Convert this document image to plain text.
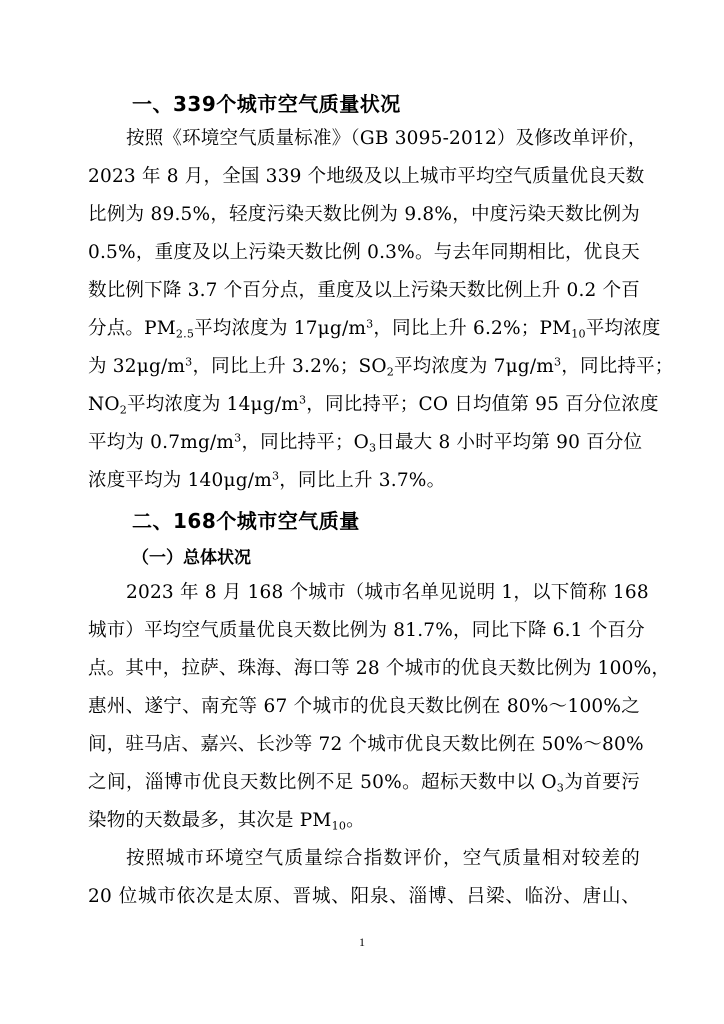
一、339个城市空气质量状况
按照《环境空气质量标准》（GB 3095-2012）及修改单评价，
2023 年 8 月，全国 339 个地级及以上城市平均空气质量优良天数
比例为 89.5%，轻度污染天数比例为 9.8%，中度污染天数比例为
0.5%，重度及以上污染天数比例 0.3%。与去年同期相比，优良天
数比例下降 3.7 个百分点，重度及以上污染天数比例上升 0.2 个百
分点。$PM_{2.5}$平均浓度为 $17\mu g/m^3$，同比上升 6.2%；$PM_{10}$平均浓度
为 $32\mu g/m^3$，同比上升 3.2%；$SO_2$平均浓度为 $7\mu g/m^3$，同比持平；
$NO_2$平均浓度为 $14\mu g/m^3$，同比持平；CO 日均值第 95 百分位浓度
平均为 $0.7mg/m^3$，同比持平；$O_3$日最大 8 小时平均第 90 百分位
浓度平均为 $140\mu g/m^3$，同比上升 3.7%。
二、168个城市空气质量
（一）总体状况
2023 年 8 月 168 个城市（城市名单见说明 1，以下简称 168
城市）平均空气质量优良天数比例为 81.7%，同比下降 6.1 个百分
点。其中，拉萨、珠海、海口等 28 个城市的优良天数比例为 100%，
惠州、遂宁、南充等 67 个城市的优良天数比例在 80%～100%之
间，驻马店、嘉兴、长沙等 72 个城市优良天数比例在 50%～80%
之间，淄博市优良天数比例不足 50%。超标天数中以 $O_3$为首要污
染物的天数最多，其次是 $PM_{10}$。
按照城市环境空气质量综合指数评价，空气质量相对较差的
20 位城市依次是太原、晋城、阳泉、淄博、吕梁、临汾、唐山、
1
